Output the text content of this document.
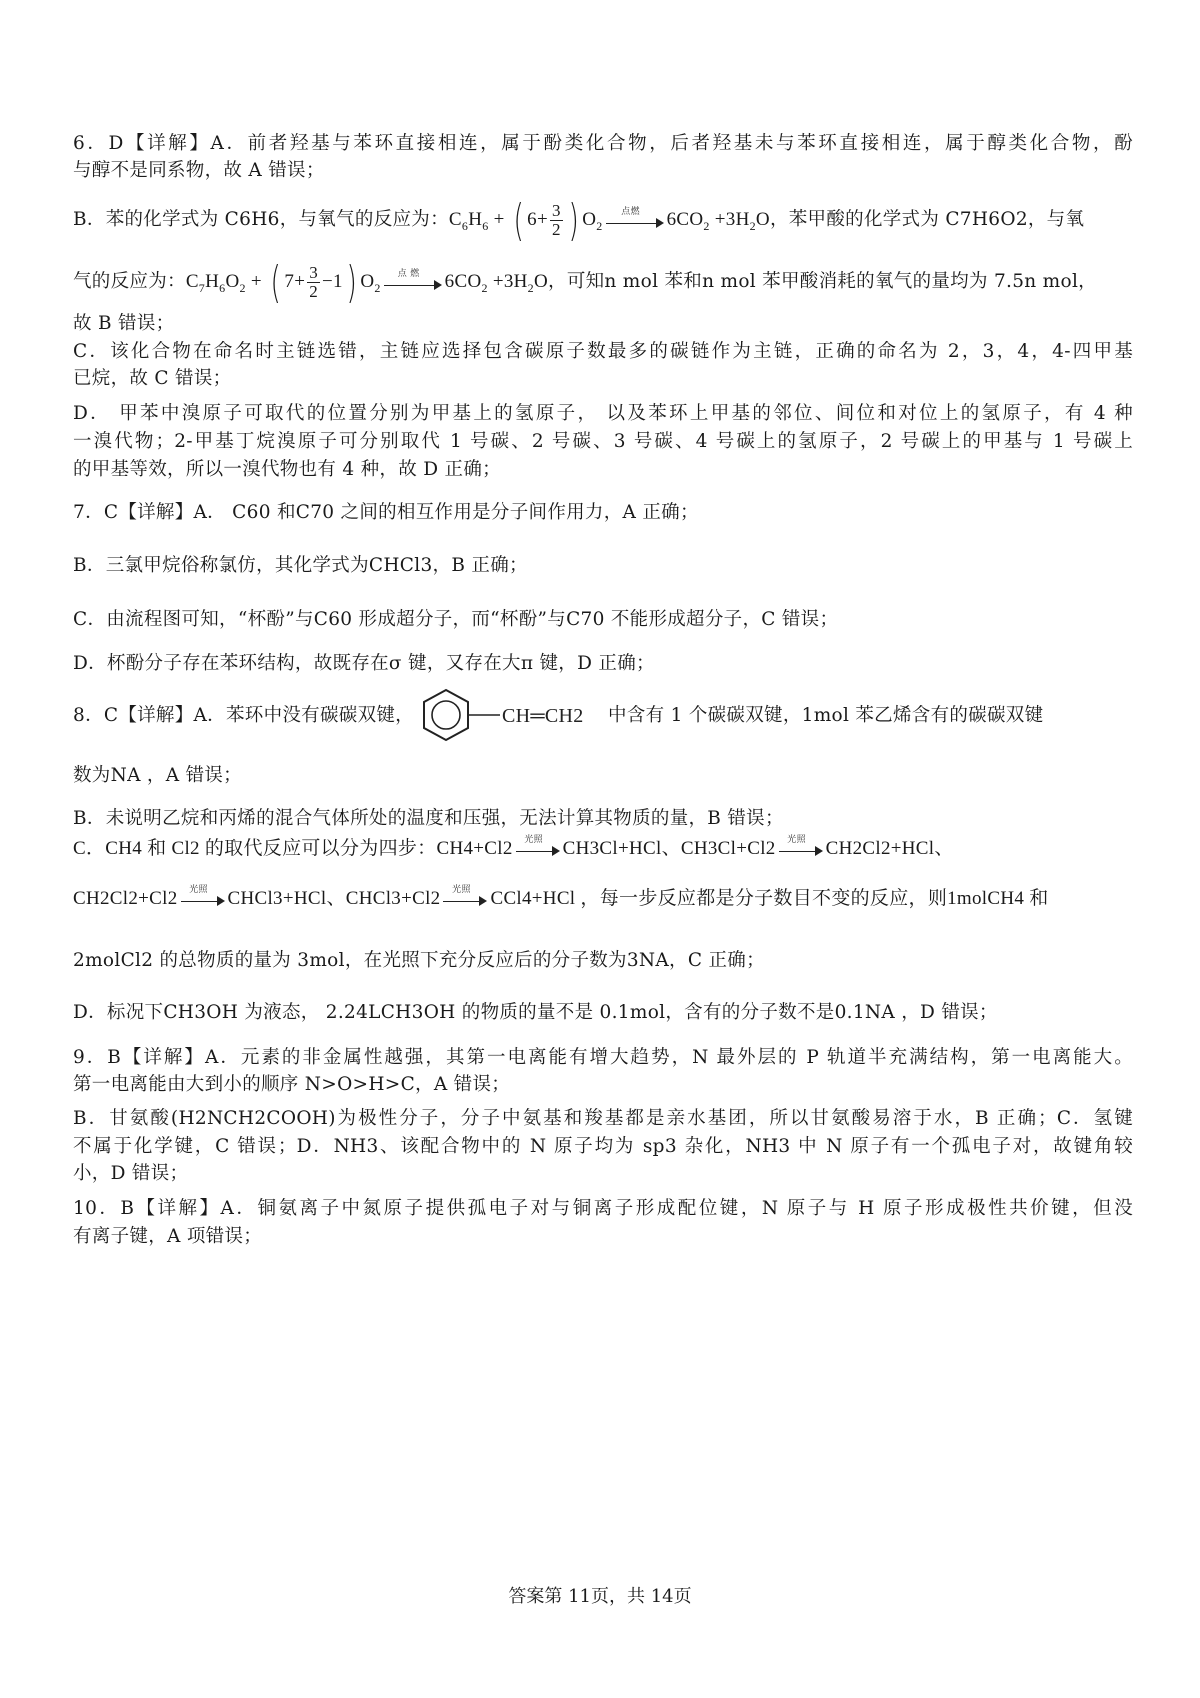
6．D【详解】A．前者羟基与苯环直接相连，属于酚类化合物，后者羟基未与苯环直接相连，属于醇类化合物，酚
与醇不是同系物，故 A 错误；
B．苯的化学式为 C6H6，与氧气的反应为：$C_6H_6$ + ( $6+ \frac{3}{2}$ ) $O_2$
点燃	$6CO_2 +3H_2O$，苯甲酸的化学式为 C7H6O2，与氧
气的反应为：$C_7H_6O_2$ + ( $7+ \frac{3}{2} -1$) $O_2$
点 燃	$6CO_2 +3H_2O$，可知n mol 苯和n mol 苯甲酸消耗的氧气的量均为 7.5n mol，
故 B 错误；
C．该化合物在命名时主链选错，主链应选择包含碳原子数最多的碳链作为主链，正确的命名为 2，3，4，4-四甲基
已烷，故 C 错误；
D． 甲苯中溴原子可取代的位置分别为甲基上的氢原子， 以及苯环上甲基的邻位、间位和对位上的氢原子，有 4 种
一溴代物；2-甲基丁烷溴原子可分别取代 1 号碳、2 号碳、3 号碳、4 号碳上的氢原子，2 号碳上的甲基与 1 号碳上
的甲基等效，所以一溴代物也有 4 种，故 D 正确；
7．C【详解】A． C60 和C70 之间的相互作用是分子间作用力，A 正确；
B．三氯甲烷俗称氯仿，其化学式为CHCl3，B 正确；
C．由流程图可知，“杯酚”与C60 形成超分子，而“杯酚”与C70 不能形成超分子，C 错误；
D．杯酚分子存在苯环结构，故既存在σ 键，又存在大π 键，D 正确；
8．C【详解】A．苯环中没有碳碳双键，	CH═CH2 中含有 1 个碳碳双键，1mol 苯乙烯含有的碳碳双键
数为NA ，A 错误；
B．未说明乙烷和丙烯的混合气体所处的温度和压强，无法计算其物质的量，B 错误；
C．CH4 和 Cl2 的取代反应可以分为四步：CH4+Cl2	光照	CH3Cl+HCl、CH3Cl+Cl2	光照	CH2Cl2+HCl、
CH2Cl2+Cl2	光照	CHCl3+HCl、CHCl3+Cl2	光照	CCl4+HCl ，每一步反应都是分子数目不变的反应，则1molCH4 和
2molCl2 的总物质的量为 3mol，在光照下充分反应后的分子数为3NA，C 正确；
D．标况下CH3OH 为液态， 2.24LCH3OH 的物质的量不是 0.1mol，含有的分子数不是0.1NA ，D 错误；
9．B【详解】A．元素的非金属性越强，其第一电离能有增大趋势，N 最外层的 P 轨道半充满结构，第一电离能大。
第一电离能由大到小的顺序 N>O>H>C，A 错误；
B．甘氨酸(H2NCH2COOH)为极性分子，分子中氨基和羧基都是亲水基团，所以甘氨酸易溶于水，B 正确；C．氢键
不属于化学键，C 错误；D．NH3、该配合物中的 N 原子均为 sp3 杂化，NH3 中 N 原子有一个孤电子对，故键角较
小，D 错误；
10．B【详解】A．铜氨离子中氮原子提供孤电子对与铜离子形成配位键，N 原子与 H 原子形成极性共价键，但没
有离子键，A 项错误；
答案第 11页，共 14页
